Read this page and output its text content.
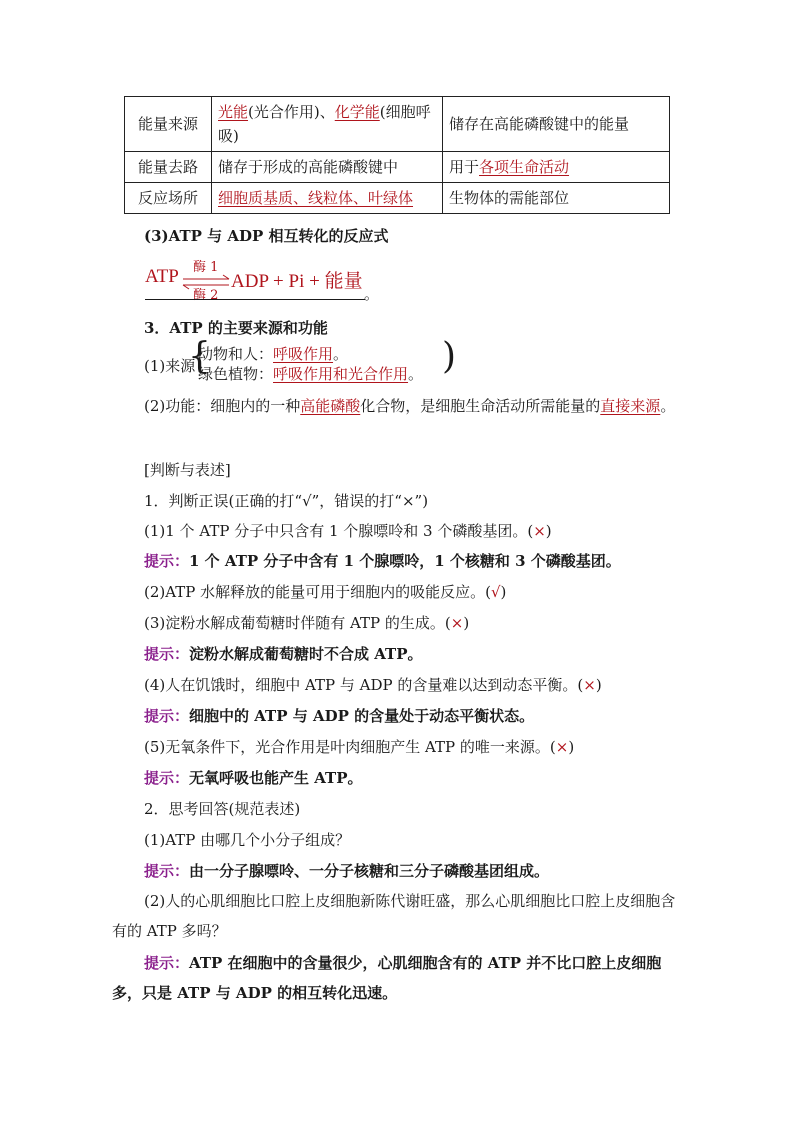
能量来源	光能(光合作用)、化学能(细胞呼吸)	储存在高能磷酸键中的能量
能量去路	储存于形成的高能磷酸键中	用于各项生命活动
反应场所	细胞质基质、线粒体、叶绿体	生物体的需能部位
(3)ATP 与 ADP 相互转化的反应式
ATP 酶 1
酶 2
ADP + Pi + 能量
。
3．ATP 的主要来源和功能
(1)来源
{
动物和人：呼吸作用。
绿色植物：呼吸作用和光合作用。 )
(2)功能：细胞内的一种高能磷酸化合物，是细胞生命活动所需能量的直接来源。
[判断与表述]
1．判断正误(正确的打“√”，错误的打“×”)
(1)1 个 ATP 分子中只含有 1 个腺嘌呤和 3 个磷酸基团。(×)
提示：1 个 ATP 分子中含有 1 个腺嘌呤，1 个核糖和 3 个磷酸基团。
(2)ATP 水解释放的能量可用于细胞内的吸能反应。(√)
(3)淀粉水解成葡萄糖时伴随有 ATP 的生成。(×)
提示：淀粉水解成葡萄糖时不合成 ATP。
(4)人在饥饿时，细胞中 ATP 与 ADP 的含量难以达到动态平衡。(×)
提示：细胞中的 ATP 与 ADP 的含量处于动态平衡状态。
(5)无氧条件下，光合作用是叶肉细胞产生 ATP 的唯一来源。(×)
提示：无氧呼吸也能产生 ATP。
2．思考回答(规范表述)
(1)ATP 由哪几个小分子组成？
提示：由一分子腺嘌呤、一分子核糖和三分子磷酸基团组成。
(2)人的心肌细胞比口腔上皮细胞新陈代谢旺盛，那么心肌细胞比口腔上皮细胞含有的 ATP 多吗？
提示：ATP 在细胞中的含量很少，心肌细胞含有的 ATP 并不比口腔上皮细胞多，只是 ATP 与 ADP 的相互转化迅速。
